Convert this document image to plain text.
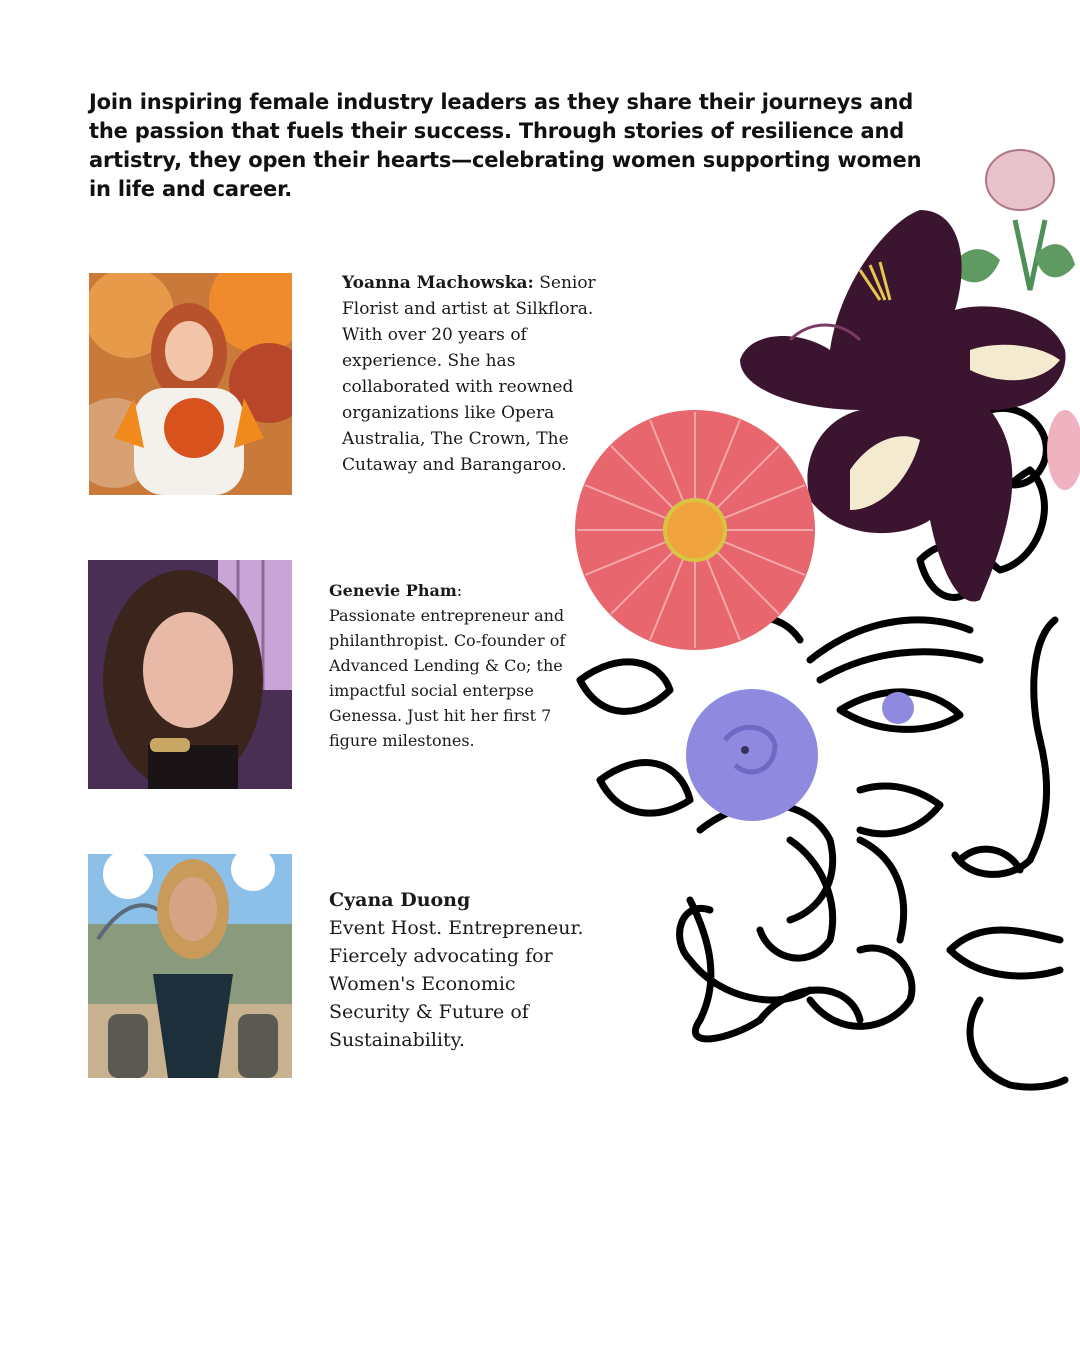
Join inspiring female industry leaders as they share their journeys and the passion that fuels their success. Through stories of resilience and artistry, they open their hearts—celebrating women supporting women in life and career.

Yoanna Machowska: Senior Florist and artist at Silkflora. With over 20 years of experience. She has collaborated with reowned organizations like Opera Australia, The Crown, The Cutaway and Barangaroo.

Genevie Pham:
Passionate entrepreneur and philanthropist. Co-founder of Advanced Lending & Co; the impactful social enterpse Genessa. Just hit her first 7 figure milestones.

Cyana Duong
Event Host. Entrepreneur. Fiercely advocating for Women's Economic Security & Future of Sustainability.
